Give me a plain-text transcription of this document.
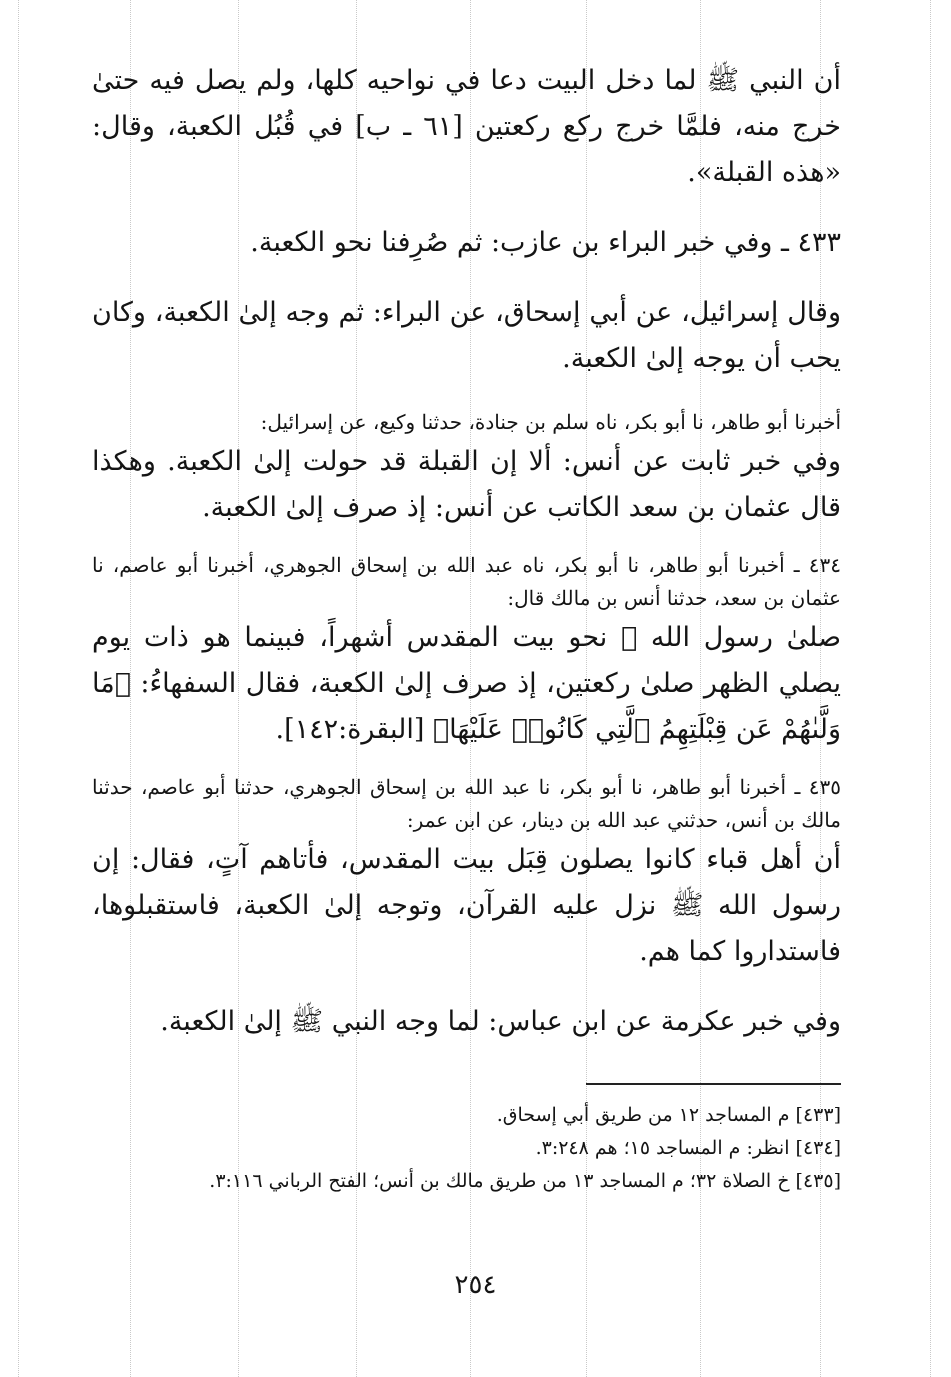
أن النبي ﷺ لما دخل البيت دعا في نواحيه كلها، ولم يصل فيه حتىٰ خرج منه، فلمَّا خرج ركع ركعتين [٦١ ـ ب] في قُبُل الكعبة، وقال: «هذه القبلة».

٤٣٣ ـ وفي خبر البراء بن عازب: ثم صُرِفنا نحو الكعبة.

وقال إسرائيل، عن أبي إسحاق، عن البراء: ثم وجه إلىٰ الكعبة، وكان يحب أن يوجه إلىٰ الكعبة.

أخبرنا أبو طاهر، نا أبو بكر، ناه سلم بن جنادة، حدثنا وكيع، عن إسرائيل:

وفي خبر ثابت عن أنس: ألا إن القبلة قد حولت إلىٰ الكعبة. وهكذا قال عثمان بن سعد الكاتب عن أنس: إذ صرف إلىٰ الكعبة.

٤٣٤ ـ أخبرنا أبو طاهر، نا أبو بكر، ناه عبد الله بن إسحاق الجوهري، أخبرنا أبو عاصم، نا عثمان بن سعد، حدثنا أنس بن مالك قال:

صلىٰ رسول الله ﷺ نحو بيت المقدس أشهراً، فبينما هو ذات يوم يصلي الظهر صلىٰ ركعتين، إذ صرف إلىٰ الكعبة، فقال السفهاءُ: ﴿مَا وَلَّىٰهُمْ عَن قِبْلَتِهِمُ ٱلَّتِي كَانُوا۟ عَلَيْهَا﴾ [البقرة:١٤٢].

٤٣٥ ـ أخبرنا أبو طاهر، نا أبو بكر، نا عبد الله بن إسحاق الجوهري، حدثنا أبو عاصم، حدثنا مالك بن أنس، حدثني عبد الله بن دينار، عن ابن عمر:

أن أهل قباء كانوا يصلون قِبَل بيت المقدس، فأتاهم آتٍ، فقال: إن رسول الله ﷺ نزل عليه القرآن، وتوجه إلىٰ الكعبة، فاستقبلوها، فاستداروا كما هم.

وفي خبر عكرمة عن ابن عباس: لما وجه النبي ﷺ إلىٰ الكعبة.

[٤٣٣] م المساجد ١٢ من طريق أبي إسحاق.

[٤٣٤] انظر: م المساجد ١٥؛ هم ٣:٢٤٨.

[٤٣٥] خ الصلاة ٣٢؛ م المساجد ١٣ من طريق مالك بن أنس؛ الفتح الرباني ٣:١١٦.

٢٥٤
